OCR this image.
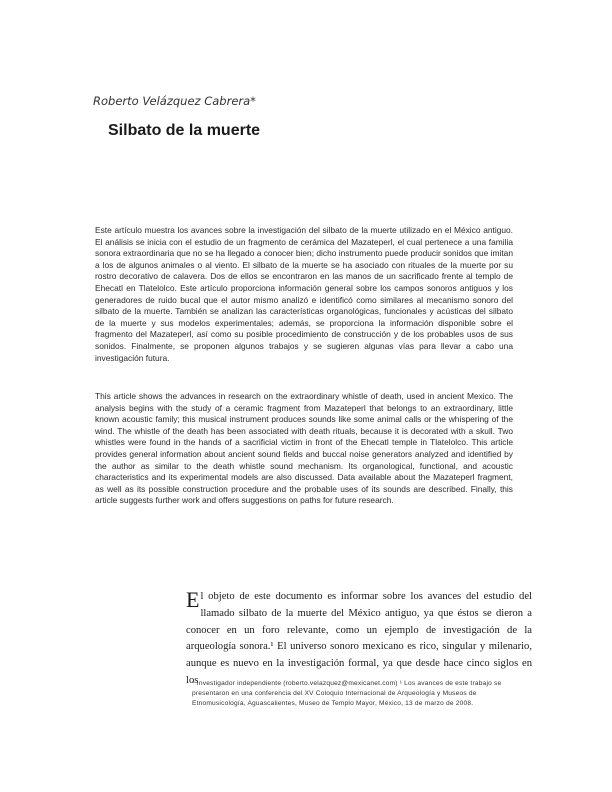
Roberto Velázquez Cabrera*
Silbato de la muerte

Este artículo muestra los avances sobre la investigación del silbato de la muerte utilizado en el México antiguo. El análisis se inicia con el estudio de un fragmento de cerámica del Mazateperl, el cual pertenece a una familia sonora extraordinaria que no se ha llegado a conocer bien; dicho instrumento puede producir sonidos que imitan a los de algunos animales o al viento. El silbato de la muerte se ha asociado con rituales de la muerte por su rostro decorativo de calavera. Dos de ellos se encontraron en las manos de un sacrificado frente al templo de Ehecatl en Tlatelolco. Este artículo proporciona información general sobre los campos sonoros antiguos y los generadores de ruido bucal que el autor mismo analizó e identificó como similares al mecanismo sonoro del silbato de la muerte. También se analizan las características organológicas, funcionales y acústicas del silbato de la muerte y sus modelos experimentales; además, se proporciona la información disponible sobre el fragmento del Mazateperl, así como su posible procedimiento de construcción y de los probables usos de sus sonidos. Finalmente, se proponen algunos trabajos y se sugieren algunas vías para llevar a cabo una investigación futura.

This article shows the advances in research on the extraordinary whistle of death, used in ancient Mexico. The analysis begins with the study of a ceramic fragment from Mazateperl that belongs to an extraordinary, little known acoustic family; this musical instrument produces sounds like some animal calls or the whispering of the wind. The whistle of the death has been associated with death rituals, because it is decorated with a skull. Two whistles were found in the hands of a sacrificial victim in front of the Ehecatl temple in Tlatelolco. This article provides general information about ancient sound fields and buccal noise generators analyzed and identified by the author as similar to the death whistle sound mechanism. Its organological, functional, and acoustic characteristics and its experimental models are also discussed. Data available about the Mazateperl fragment, as well as its possible construction procedure and the probable uses of its sounds are described. Finally, this article suggests further work and offers suggestions on paths for future research.

El objeto de este documento es informar sobre los avances del estudio del llamado silbato de la muerte del México antiguo, ya que éstos se dieron a conocer en un foro relevante, como un ejemplo de investigación de la arqueología sonora.¹ El universo sonoro mexicano es rico, singular y milenario, aunque es nuevo en la investigación formal, ya que desde hace cinco siglos en los

* Investigador independiente (roberto.velazquez@mexicanet.com) ¹ Los avances de este trabajo se presentaron en una conferencia del XV Coloquio Internacional de Arqueología y Museos de Etnomusicología, Aguascalientes, Museo de Templo Mayor, México, 13 de marzo de 2008.
